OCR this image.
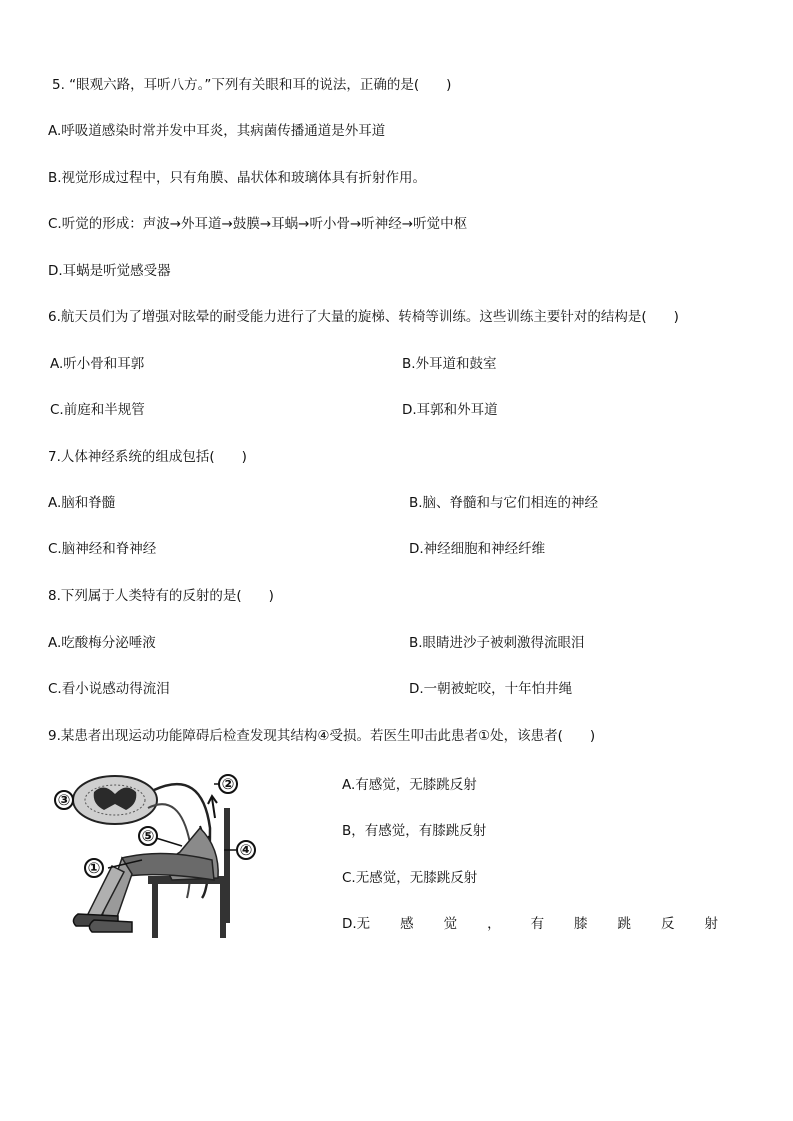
5. “眼观六路，耳听八方。”下列有关眼和耳的说法，正确的是(　　)
A.呼吸道感染时常并发中耳炎，其病菌传播通道是外耳道
B.视觉形成过程中，只有角膜、晶状体和玻璃体具有折射作用。
C.听觉的形成：声波→外耳道→鼓膜→耳蜗→听小骨→听神经→听觉中枢
D.耳蜗是听觉感受器
6.航天员们为了增强对眩晕的耐受能力进行了大量的旋梯、转椅等训练。这些训练主要针对的结构是(　　)
A.听小骨和耳郭	B.外耳道和鼓室
C.前庭和半规管	D.耳郭和外耳道
7.人体神经系统的组成包括(　　)
A.脑和脊髓	B.脑、脊髓和与它们相连的神经
C.脑神经和脊神经	D.神经细胞和神经纤维
8.下列属于人类特有的反射的是(　　)
A.吃酸梅分泌唾液	B.眼睛进沙子被刺激得流眼泪
C.看小说感动得流泪	D.一朝被蛇咬，十年怕井绳
9.某患者出现运动功能障碍后检查发现其结构④受损。若医生叩击此患者①处，该患者(　　)
①
②
③
④
⑤
A.有感觉，无膝跳反射
B，有感觉，有膝跳反射
C.无感觉，无膝跳反射
D.无 感 觉 ， 有 膝 跳 反 射
